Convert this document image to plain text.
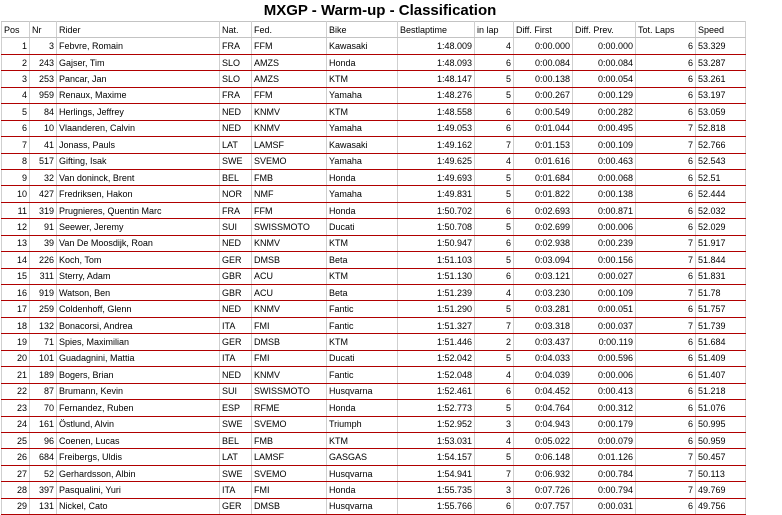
MXGP - Warm-up - Classification
Pos	Nr	Rider	Nat.	Fed.	Bike	Bestlaptime	in lap	Diff. First	Diff. Prev.	Tot. Laps	Speed
1	3	Febvre, Romain	FRA	FFM	Kawasaki	1:48.009	4	0:00.000	0:00.000	6	53.329
2	243	Gajser, Tim	SLO	AMZS	Honda	1:48.093	6	0:00.084	0:00.084	6	53.287
3	253	Pancar, Jan	SLO	AMZS	KTM	1:48.147	5	0:00.138	0:00.054	6	53.261
4	959	Renaux, Maxime	FRA	FFM	Yamaha	1:48.276	5	0:00.267	0:00.129	6	53.197
5	84	Herlings, Jeffrey	NED	KNMV	KTM	1:48.558	6	0:00.549	0:00.282	6	53.059
6	10	Vlaanderen, Calvin	NED	KNMV	Yamaha	1:49.053	6	0:01.044	0:00.495	7	52.818
7	41	Jonass, Pauls	LAT	LAMSF	Kawasaki	1:49.162	7	0:01.153	0:00.109	7	52.766
8	517	Gifting, Isak	SWE	SVEMO	Yamaha	1:49.625	4	0:01.616	0:00.463	6	52.543
9	32	Van doninck, Brent	BEL	FMB	Honda	1:49.693	5	0:01.684	0:00.068	6	52.51
10	427	Fredriksen, Hakon	NOR	NMF	Yamaha	1:49.831	5	0:01.822	0:00.138	6	52.444
11	319	Prugnieres, Quentin Marc	FRA	FFM	Honda	1:50.702	6	0:02.693	0:00.871	6	52.032
12	91	Seewer, Jeremy	SUI	SWISSMOTO	Ducati	1:50.708	5	0:02.699	0:00.006	6	52.029
13	39	Van De Moosdijk, Roan	NED	KNMV	KTM	1:50.947	6	0:02.938	0:00.239	7	51.917
14	226	Koch, Tom	GER	DMSB	Beta	1:51.103	5	0:03.094	0:00.156	7	51.844
15	311	Sterry, Adam	GBR	ACU	KTM	1:51.130	6	0:03.121	0:00.027	6	51.831
16	919	Watson, Ben	GBR	ACU	Beta	1:51.239	4	0:03.230	0:00.109	7	51.78
17	259	Coldenhoff, Glenn	NED	KNMV	Fantic	1:51.290	5	0:03.281	0:00.051	6	51.757
18	132	Bonacorsi, Andrea	ITA	FMI	Fantic	1:51.327	7	0:03.318	0:00.037	7	51.739
19	71	Spies, Maximilian	GER	DMSB	KTM	1:51.446	2	0:03.437	0:00.119	6	51.684
20	101	Guadagnini, Mattia	ITA	FMI	Ducati	1:52.042	5	0:04.033	0:00.596	6	51.409
21	189	Bogers, Brian	NED	KNMV	Fantic	1:52.048	4	0:04.039	0:00.006	6	51.407
22	87	Brumann, Kevin	SUI	SWISSMOTO	Husqvarna	1:52.461	6	0:04.452	0:00.413	6	51.218
23	70	Fernandez, Ruben	ESP	RFME	Honda	1:52.773	5	0:04.764	0:00.312	6	51.076
24	161	Östlund, Alvin	SWE	SVEMO	Triumph	1:52.952	3	0:04.943	0:00.179	6	50.995
25	96	Coenen, Lucas	BEL	FMB	KTM	1:53.031	4	0:05.022	0:00.079	6	50.959
26	684	Freibergs, Uldis	LAT	LAMSF	GASGAS	1:54.157	5	0:06.148	0:01.126	7	50.457
27	52	Gerhardsson, Albin	SWE	SVEMO	Husqvarna	1:54.941	7	0:06.932	0:00.784	7	50.113
28	397	Pasqualini, Yuri	ITA	FMI	Honda	1:55.735	3	0:07.726	0:00.794	7	49.769
29	131	Nickel, Cato	GER	DMSB	Husqvarna	1:55.766	6	0:07.757	0:00.031	6	49.756
